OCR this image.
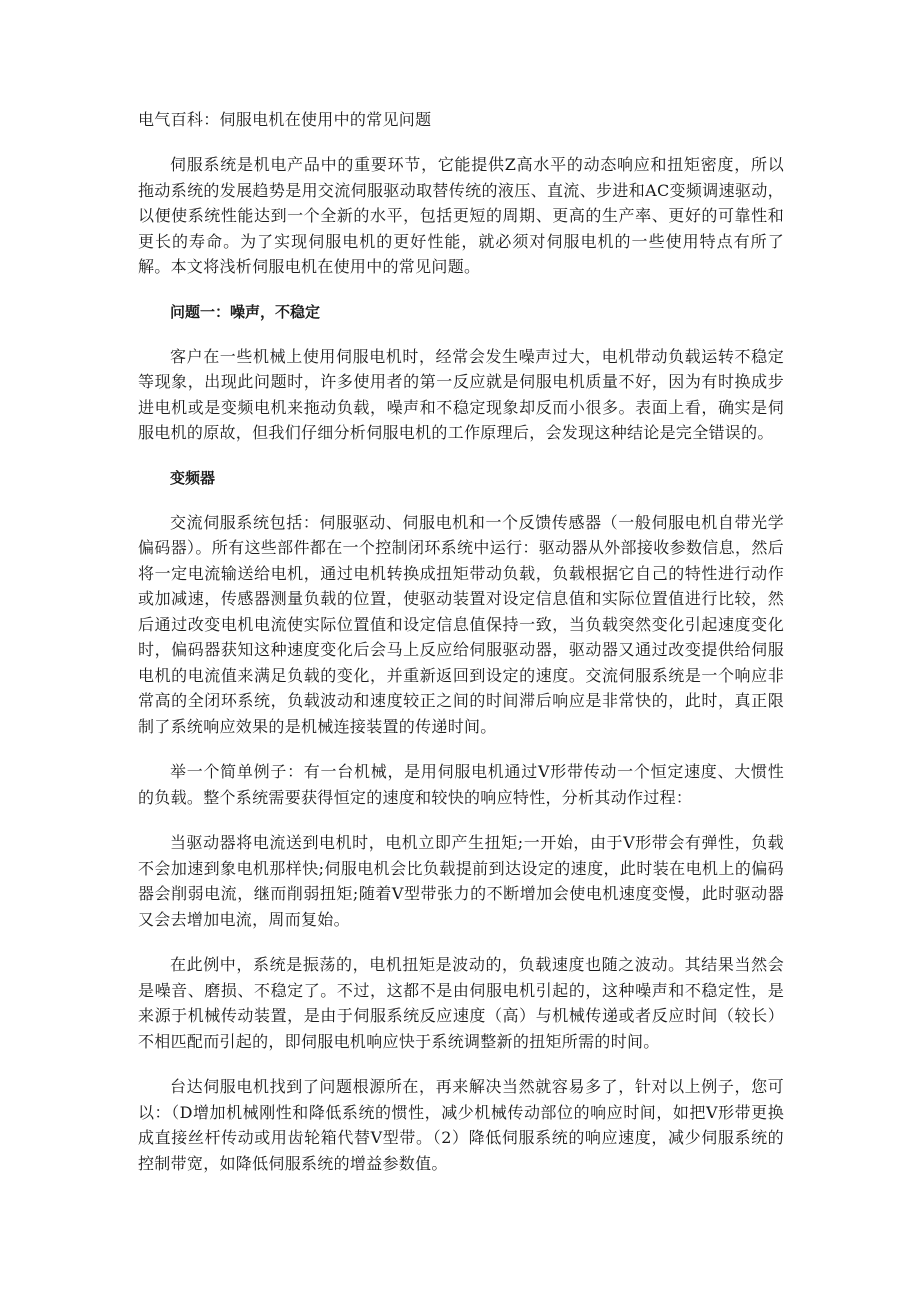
电气百科：伺服电机在使用中的常见问题

伺服系统是机电产品中的重要环节，它能提供Z高水平的动态响应和扭矩密度，所以拖动系统的发展趋势是用交流伺服驱动取替传统的液压、直流、步进和AC变频调速驱动，以便使系统性能达到一个全新的水平，包括更短的周期、更高的生产率、更好的可靠性和更长的寿命。为了实现伺服电机的更好性能，就必须对伺服电机的一些使用特点有所了解。本文将浅析伺服电机在使用中的常见问题。

问题一：噪声，不稳定

客户在一些机械上使用伺服电机时，经常会发生噪声过大，电机带动负载运转不稳定等现象，出现此问题时，许多使用者的第一反应就是伺服电机质量不好，因为有时换成步进电机或是变频电机来拖动负载，噪声和不稳定现象却反而小很多。表面上看，确实是伺服电机的原故，但我们仔细分析伺服电机的工作原理后，会发现这种结论是完全错误的。

变频器

交流伺服系统包括：伺服驱动、伺服电机和一个反馈传感器（一般伺服电机自带光学偏码器）。所有这些部件都在一个控制闭环系统中运行：驱动器从外部接收参数信息，然后将一定电流输送给电机，通过电机转换成扭矩带动负载，负载根据它自己的特性进行动作或加减速，传感器测量负载的位置，使驱动装置对设定信息值和实际位置值进行比较，然后通过改变电机电流使实际位置值和设定信息值保持一致，当负载突然变化引起速度变化时，偏码器获知这种速度变化后会马上反应给伺服驱动器，驱动器又通过改变提供给伺服电机的电流值来满足负载的变化，并重新返回到设定的速度。交流伺服系统是一个响应非常高的全闭环系统，负载波动和速度较正之间的时间滞后响应是非常快的，此时，真正限制了系统响应效果的是机械连接装置的传递时间。

举一个简单例子：有一台机械，是用伺服电机通过V形带传动一个恒定速度、大惯性的负载。整个系统需要获得恒定的速度和较快的响应特性，分析其动作过程：

当驱动器将电流送到电机时，电机立即产生扭矩;一开始，由于V形带会有弹性，负载不会加速到象电机那样快;伺服电机会比负载提前到达设定的速度，此时装在电机上的偏码器会削弱电流，继而削弱扭矩;随着V型带张力的不断增加会使电机速度变慢，此时驱动器又会去增加电流，周而复始。

在此例中，系统是振荡的，电机扭矩是波动的，负载速度也随之波动。其结果当然会是噪音、磨损、不稳定了。不过，这都不是由伺服电机引起的，这种噪声和不稳定性，是来源于机械传动装置，是由于伺服系统反应速度（高）与机械传递或者反应时间（较长）不相匹配而引起的，即伺服电机响应快于系统调整新的扭矩所需的时间。

台达伺服电机找到了问题根源所在，再来解决当然就容易多了，针对以上例子，您可以：（D增加机械刚性和降低系统的惯性，减少机械传动部位的响应时间，如把V形带更换成直接丝杆传动或用齿轮箱代替V型带。（2）降低伺服系统的响应速度，减少伺服系统的控制带宽，如降低伺服系统的增益参数值。
